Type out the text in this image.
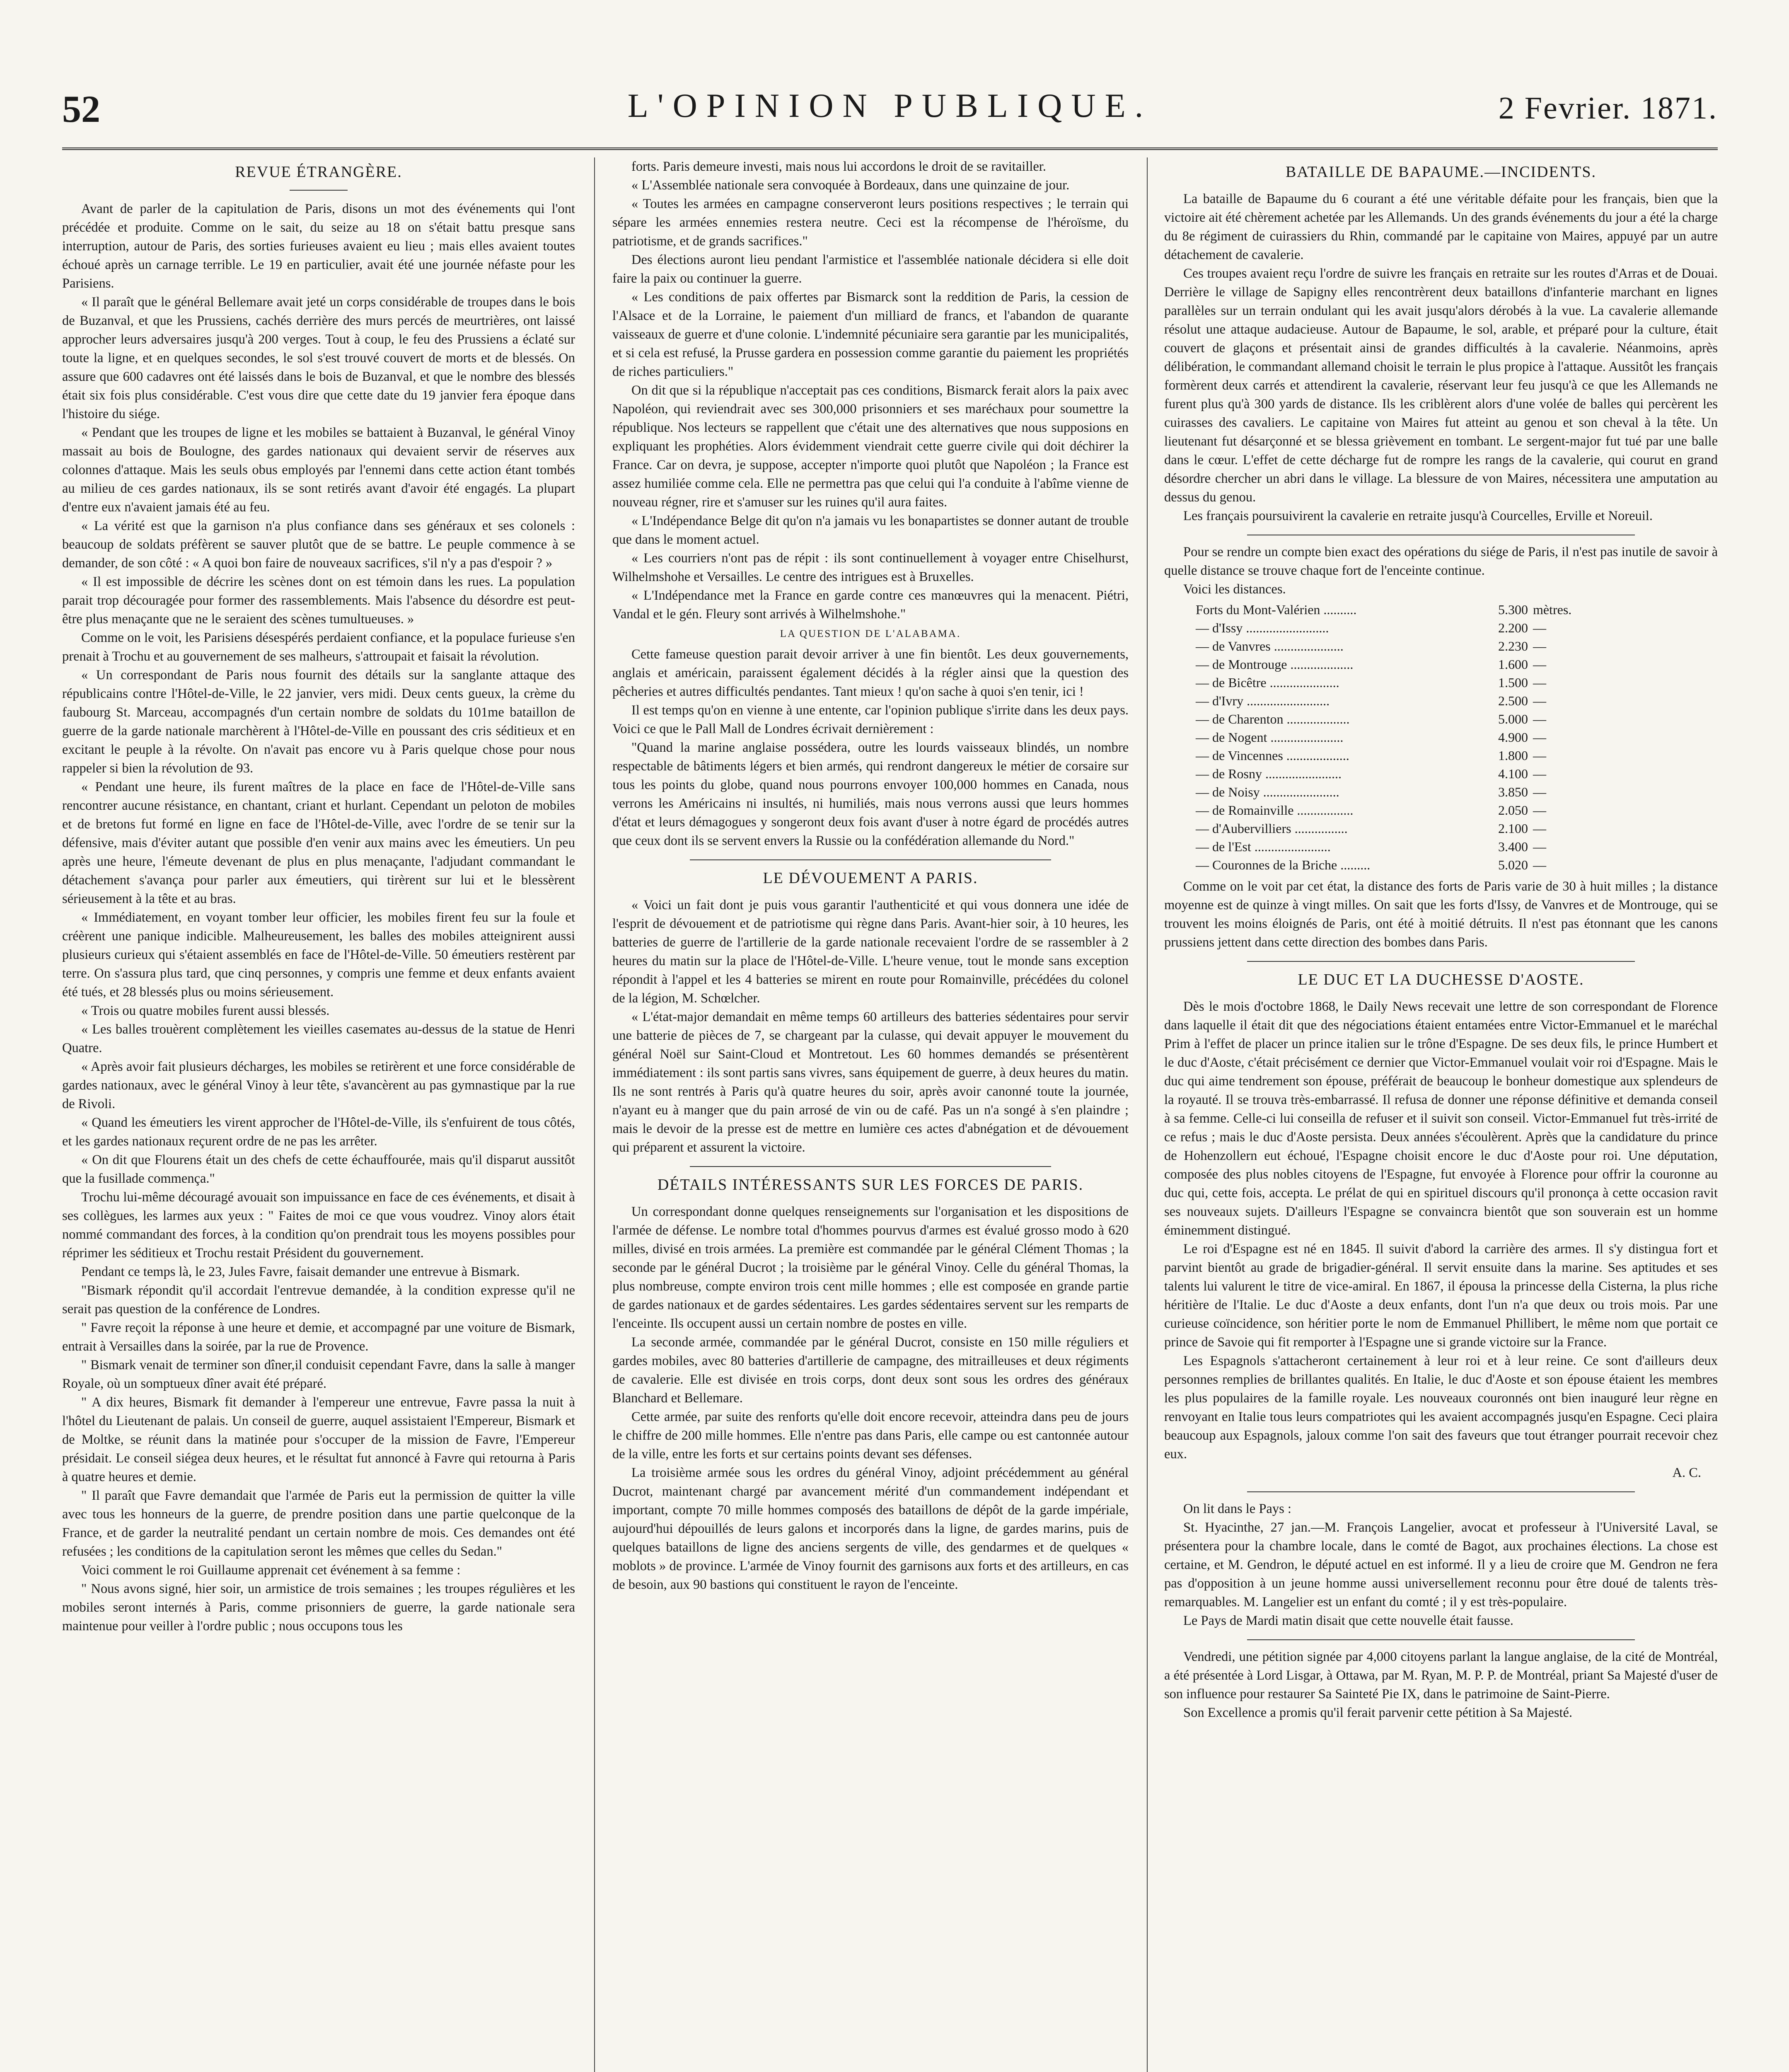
52	L'OPINION PUBLIQUE.	2 Fevrier. 1871.
REVUE ÉTRANGÈRE.

Avant de parler de la capitulation de Paris, disons un mot des événements qui l'ont précédée et produite. Comme on le sait, du seize au 18 on s'était battu presque sans interruption, autour de Paris, des sorties furieuses avaient eu lieu ; mais elles avaient toutes échoué après un carnage terrible. Le 19 en particulier, avait été une journée néfaste pour les Parisiens.

« Il paraît que le général Bellemare avait jeté un corps considérable de troupes dans le bois de Buzanval, et que les Prussiens, cachés derrière des murs percés de meurtrières, ont laissé approcher leurs adversaires jusqu'à 200 verges. Tout à coup, le feu des Prussiens a éclaté sur toute la ligne, et en quelques secondes, le sol s'est trouvé couvert de morts et de blessés. On assure que 600 cadavres ont été laissés dans le bois de Buzanval, et que le nombre des blessés était six fois plus considérable. C'est vous dire que cette date du 19 janvier fera époque dans l'histoire du siége.

« Pendant que les troupes de ligne et les mobiles se battaient à Buzanval, le général Vinoy massait au bois de Boulogne, des gardes nationaux qui devaient servir de réserves aux colonnes d'attaque. Mais les seuls obus employés par l'ennemi dans cette action étant tombés au milieu de ces gardes nationaux, ils se sont retirés avant d'avoir été engagés. La plupart d'entre eux n'avaient jamais été au feu.

« La vérité est que la garnison n'a plus confiance dans ses généraux et ses colonels : beaucoup de soldats préfèrent se sauver plutôt que de se battre. Le peuple commence à se demander, de son côté : « A quoi bon faire de nouveaux sacrifices, s'il n'y a pas d'espoir ? »

« Il est impossible de décrire les scènes dont on est témoin dans les rues. La population parait trop découragée pour former des rassemblements. Mais l'absence du désordre est peut-être plus menaçante que ne le seraient des scènes tumultueuses. »

Comme on le voit, les Parisiens désespérés perdaient confiance, et la populace furieuse s'en prenait à Trochu et au gouvernement de ses malheurs, s'attroupait et faisait la révolution.

« Un correspondant de Paris nous fournit des détails sur la sanglante attaque des républicains contre l'Hôtel-de-Ville, le 22 janvier, vers midi. Deux cents gueux, la crème du faubourg St. Marceau, accompagnés d'un certain nombre de soldats du 101me bataillon de guerre de la garde nationale marchèrent à l'Hôtel-de-Ville en poussant des cris séditieux et en excitant le peuple à la révolte. On n'avait pas encore vu à Paris quelque chose pour nous rappeler si bien la révolution de 93.

« Pendant une heure, ils furent maîtres de la place en face de l'Hôtel-de-Ville sans rencontrer aucune résistance, en chantant, criant et hurlant. Cependant un peloton de mobiles et de bretons fut formé en ligne en face de l'Hôtel-de-Ville, avec l'ordre de se tenir sur la défensive, mais d'éviter autant que possible d'en venir aux mains avec les émeutiers. Un peu après une heure, l'émeute devenant de plus en plus menaçante, l'adjudant commandant le détachement s'avança pour parler aux émeutiers, qui tirèrent sur lui et le blessèrent sérieusement à la tête et au bras.

« Immédiatement, en voyant tomber leur officier, les mobiles firent feu sur la foule et créèrent une panique indicible. Malheureusement, les balles des mobiles atteignirent aussi plusieurs curieux qui s'étaient assemblés en face de l'Hôtel-de-Ville. 50 émeutiers restèrent par terre. On s'assura plus tard, que cinq personnes, y compris une femme et deux enfants avaient été tués, et 28 blessés plus ou moins sérieusement.

« Trois ou quatre mobiles furent aussi blessés.

« Les balles trouèrent complètement les vieilles casemates au-dessus de la statue de Henri Quatre.

« Après avoir fait plusieurs décharges, les mobiles se retirèrent et une force considérable de gardes nationaux, avec le général Vinoy à leur tête, s'avancèrent au pas gymnastique par la rue de Rivoli.

« Quand les émeutiers les virent approcher de l'Hôtel-de-Ville, ils s'enfuirent de tous côtés, et les gardes nationaux reçurent ordre de ne pas les arrêter.

« On dit que Flourens était un des chefs de cette échauffourée, mais qu'il disparut aussitôt que la fusillade commença."

Trochu lui-même découragé avouait son impuissance en face de ces événements, et disait à ses collègues, les larmes aux yeux : " Faites de moi ce que vous voudrez. Vinoy alors était nommé commandant des forces, à la condition qu'on prendrait tous les moyens possibles pour réprimer les séditieux et Trochu restait Président du gouvernement.

Pendant ce temps là, le 23, Jules Favre, faisait demander une entrevue à Bismark.

"Bismark répondit qu'il accordait l'entrevue demandée, à la condition expresse qu'il ne serait pas question de la conférence de Londres.

" Favre reçoit la réponse à une heure et demie, et accompagné par une voiture de Bismark, entrait à Versailles dans la soirée, par la rue de Provence.

" Bismark venait de terminer son dîner,il conduisit cependant Favre, dans la salle à manger Royale, où un somptueux dîner avait été préparé.

" A dix heures, Bismark fit demander à l'empereur une entrevue, Favre passa la nuit à l'hôtel du Lieutenant de palais. Un conseil de guerre, auquel assistaient l'Empereur, Bismark et de Moltke, se réunit dans la matinée pour s'occuper de la mission de Favre, l'Empereur présidait. Le conseil siégea deux heures, et le résultat fut annoncé à Favre qui retourna à Paris à quatre heures et demie.

" Il paraît que Favre demandait que l'armée de Paris eut la permission de quitter la ville avec tous les honneurs de la guerre, de prendre position dans une partie quelconque de la France, et de garder la neutralité pendant un certain nombre de mois. Ces demandes ont été refusées ; les conditions de la capitulation seront les mêmes que celles du Sedan."

Voici comment le roi Guillaume apprenait cet événement à sa femme :

" Nous avons signé, hier soir, un armistice de trois semaines ; les troupes régulières et les mobiles seront internés à Paris, comme prisonniers de guerre, la garde nationale sera maintenue pour veiller à l'ordre public ; nous occupons tous les

forts. Paris demeure investi, mais nous lui accordons le droit de se ravitailler.

« L'Assemblée nationale sera convoquée à Bordeaux, dans une quinzaine de jour.

« Toutes les armées en campagne conserveront leurs positions respectives ; le terrain qui sépare les armées ennemies restera neutre. Ceci est la récompense de l'héroïsme, du patriotisme, et de grands sacrifices."

Des élections auront lieu pendant l'armistice et l'assemblée nationale décidera si elle doit faire la paix ou continuer la guerre.

« Les conditions de paix offertes par Bismarck sont la reddition de Paris, la cession de l'Alsace et de la Lorraine, le paiement d'un milliard de francs, et l'abandon de quarante vaisseaux de guerre et d'une colonie. L'indemnité pécuniaire sera garantie par les municipalités, et si cela est refusé, la Prusse gardera en possession comme garantie du paiement les propriétés de riches particuliers."

On dit que si la république n'acceptait pas ces conditions, Bismarck ferait alors la paix avec Napoléon, qui reviendrait avec ses 300,000 prisonniers et ses maréchaux pour soumettre la république. Nos lecteurs se rappellent que c'était une des alternatives que nous supposions en expliquant les prophéties. Alors évidemment viendrait cette guerre civile qui doit déchirer la France. Car on devra, je suppose, accepter n'importe quoi plutôt que Napoléon ; la France est assez humiliée comme cela. Elle ne permettra pas que celui qui l'a conduite à l'abîme vienne de nouveau régner, rire et s'amuser sur les ruines qu'il aura faites.

« L'Indépendance Belge dit qu'on n'a jamais vu les bonapartistes se donner autant de trouble que dans le moment actuel.

« Les courriers n'ont pas de répit : ils sont continuellement à voyager entre Chiselhurst, Wilhelmshohe et Versailles. Le centre des intrigues est à Bruxelles.

« L'Indépendance met la France en garde contre ces manœuvres qui la menacent. Piétri, Vandal et le gén. Fleury sont arrivés à Wilhelmshohe."

LA QUESTION DE L'ALABAMA.

Cette fameuse question parait devoir arriver à une fin bientôt. Les deux gouvernements, anglais et américain, paraissent également décidés à la régler ainsi que la question des pêcheries et autres difficultés pendantes. Tant mieux ! qu'on sache à quoi s'en tenir, ici !

Il est temps qu'on en vienne à une entente, car l'opinion publique s'irrite dans les deux pays. Voici ce que le Pall Mall de Londres écrivait dernièrement :

"Quand la marine anglaise possédera, outre les lourds vaisseaux blindés, un nombre respectable de bâtiments légers et bien armés, qui rendront dangereux le métier de corsaire sur tous les points du globe, quand nous pourrons envoyer 100,000 hommes en Canada, nous verrons les Américains ni insultés, ni humiliés, mais nous verrons aussi que leurs hommes d'état et leurs démagogues y songeront deux fois avant d'user à notre égard de procédés autres que ceux dont ils se servent envers la Russie ou la confédération allemande du Nord."

LE DÉVOUEMENT A PARIS.

« Voici un fait dont je puis vous garantir l'authenticité et qui vous donnera une idée de l'esprit de dévouement et de patriotisme qui règne dans Paris. Avant-hier soir, à 10 heures, les batteries de guerre de l'artillerie de la garde nationale recevaient l'ordre de se rassembler à 2 heures du matin sur la place de l'Hôtel-de-Ville. L'heure venue, tout le monde sans exception répondit à l'appel et les 4 batteries se mirent en route pour Romainville, précédées du colonel de la légion, M. Schœlcher.

« L'état-major demandait en même temps 60 artilleurs des batteries sédentaires pour servir une batterie de pièces de 7, se chargeant par la culasse, qui devait appuyer le mouvement du général Noël sur Saint-Cloud et Montretout. Les 60 hommes demandés se présentèrent immédiatement : ils sont partis sans vivres, sans équipement de guerre, à deux heures du matin. Ils ne sont rentrés à Paris qu'à quatre heures du soir, après avoir canonné toute la journée, n'ayant eu à manger que du pain arrosé de vin ou de café. Pas un n'a songé à s'en plaindre ; mais le devoir de la presse est de mettre en lumière ces actes d'abnégation et de dévouement qui préparent et assurent la victoire.

DÉTAILS INTÉRESSANTS SUR LES FORCES DE PARIS.

Un correspondant donne quelques renseignements sur l'organisation et les dispositions de l'armée de défense. Le nombre total d'hommes pourvus d'armes est évalué grosso modo à 620 milles, divisé en trois armées. La première est commandée par le général Clément Thomas ; la seconde par le général Ducrot ; la troisième par le général Vinoy. Celle du général Thomas, la plus nombreuse, compte environ trois cent mille hommes ; elle est composée en grande partie de gardes nationaux et de gardes sédentaires. Les gardes sédentaires servent sur les remparts de l'enceinte. Ils occupent aussi un certain nombre de postes en ville.

La seconde armée, commandée par le général Ducrot, consiste en 150 mille réguliers et gardes mobiles, avec 80 batteries d'artillerie de campagne, des mitrailleuses et deux régiments de cavalerie. Elle est divisée en trois corps, dont deux sont sous les ordres des généraux Blanchard et Bellemare.

Cette armée, par suite des renforts qu'elle doit encore recevoir, atteindra dans peu de jours le chiffre de 200 mille hommes. Elle n'entre pas dans Paris, elle campe ou est cantonnée autour de la ville, entre les forts et sur certains points devant ses défenses.

La troisième armée sous les ordres du général Vinoy, adjoint précédemment au général Ducrot, maintenant chargé par avancement mérité d'un commandement indépendant et important, compte 70 mille hommes composés des bataillons de dépôt de la garde impériale, aujourd'hui dépouillés de leurs galons et incorporés dans la ligne, de gardes marins, puis de quelques bataillons de ligne des anciens sergents de ville, des gendarmes et de quelques « moblots » de province. L'armée de Vinoy fournit des garnisons aux forts et des artilleurs, en cas de besoin, aux 90 bastions qui constituent le rayon de l'enceinte.

BATAILLE DE BAPAUME.—INCIDENTS.

La bataille de Bapaume du 6 courant a été une véritable défaite pour les français, bien que la victoire ait été chèrement achetée par les Allemands. Un des grands événements du jour a été la charge du 8e régiment de cuirassiers du Rhin, commandé par le capitaine von Maires, appuyé par un autre détachement de cavalerie.

Ces troupes avaient reçu l'ordre de suivre les français en retraite sur les routes d'Arras et de Douai. Derrière le village de Sapigny elles rencontrèrent deux bataillons d'infanterie marchant en lignes parallèles sur un terrain ondulant qui les avait jusqu'alors dérobés à la vue. La cavalerie allemande résolut une attaque audacieuse. Autour de Bapaume, le sol, arable, et préparé pour la culture, était couvert de glaçons et présentait ainsi de grandes difficultés à la cavalerie. Néanmoins, après délibération, le commandant allemand choisit le terrain le plus propice à l'attaque. Aussitôt les français formèrent deux carrés et attendirent la cavalerie, réservant leur feu jusqu'à ce que les Allemands ne furent plus qu'à 300 yards de distance. Ils les criblèrent alors d'une volée de balles qui percèrent les cuirasses des cavaliers. Le capitaine von Maires fut atteint au genou et son cheval à la tête. Un lieutenant fut désarçonné et se blessa grièvement en tombant. Le sergent-major fut tué par une balle dans le cœur. L'effet de cette décharge fut de rompre les rangs de la cavalerie, qui courut en grand désordre chercher un abri dans le village. La blessure de von Maires, nécessitera une amputation au dessus du genou.

Les français poursuivirent la cavalerie en retraite jusqu'à Courcelles, Erville et Noreuil.

Pour se rendre un compte bien exact des opérations du siége de Paris, il n'est pas inutile de savoir à quelle distance se trouve chaque fort de l'enceinte continue.

Voici les distances.

Forts du Mont-Valérien ..........	5.300	mètres.
— d'Issy .........................	2.200	—
— de Vanvres .....................	2.230	—
— de Montrouge ...................	1.600	—
— de Bicêtre .....................	1.500	—
— d'Ivry .........................	2.500	—
— de Charenton ...................	5.000	—
— de Nogent ......................	4.900	—
— de Vincennes ...................	1.800	—
— de Rosny .......................	4.100	—
— de Noisy .......................	3.850	—
— de Romainville .................	2.050	—
— d'Aubervilliers ................	2.100	—
— de l'Est .......................	3.400	—
— Couronnes de la Briche .........	5.020	—

Comme on le voit par cet état, la distance des forts de Paris varie de 30 à huit milles ; la distance moyenne est de quinze à vingt milles. On sait que les forts d'Issy, de Vanvres et de Montrouge, qui se trouvent les moins éloignés de Paris, ont été à moitié détruits. Il n'est pas étonnant que les canons prussiens jettent dans cette direction des bombes dans Paris.

LE DUC ET LA DUCHESSE D'AOSTE.

Dès le mois d'octobre 1868, le Daily News recevait une lettre de son correspondant de Florence dans laquelle il était dit que des négociations étaient entamées entre Victor-Emmanuel et le maréchal Prim à l'effet de placer un prince italien sur le trône d'Espagne. De ses deux fils, le prince Humbert et le duc d'Aoste, c'était précisément ce dernier que Victor-Emmanuel voulait voir roi d'Espagne. Mais le duc qui aime tendrement son épouse, préférait de beaucoup le bonheur domestique aux splendeurs de la royauté. Il se trouva très-embarrassé. Il refusa de donner une réponse définitive et demanda conseil à sa femme. Celle-ci lui conseilla de refuser et il suivit son conseil. Victor-Emmanuel fut très-irrité de ce refus ; mais le duc d'Aoste persista. Deux années s'écoulèrent. Après que la candidature du prince de Hohenzollern eut échoué, l'Espagne choisit encore le duc d'Aoste pour roi. Une députation, composée des plus nobles citoyens de l'Espagne, fut envoyée à Florence pour offrir la couronne au duc qui, cette fois, accepta. Le prélat de qui en spirituel discours qu'il prononça à cette occasion ravit ses nouveaux sujets. D'ailleurs l'Espagne se convaincra bientôt que son souverain est un homme éminemment distingué.

Le roi d'Espagne est né en 1845. Il suivit d'abord la carrière des armes. Il s'y distingua fort et parvint bientôt au grade de brigadier-général. Il servit ensuite dans la marine. Ses aptitudes et ses talents lui valurent le titre de vice-amiral. En 1867, il épousa la princesse della Cisterna, la plus riche héritière de l'Italie. Le duc d'Aoste a deux enfants, dont l'un n'a que deux ou trois mois. Par une curieuse coïncidence, son héritier porte le nom de Emmanuel Phillibert, le même nom que portait ce prince de Savoie qui fit remporter à l'Espagne une si grande victoire sur la France.

Les Espagnols s'attacheront certainement à leur roi et à leur reine. Ce sont d'ailleurs deux personnes remplies de brillantes qualités. En Italie, le duc d'Aoste et son épouse étaient les membres les plus populaires de la famille royale. Les nouveaux couronnés ont bien inauguré leur règne en renvoyant en Italie tous leurs compatriotes qui les avaient accompagnés jusqu'en Espagne. Ceci plaira beaucoup aux Espagnols, jaloux comme l'on sait des faveurs que tout étranger pourrait recevoir chez eux.

A. C.

On lit dans le Pays :

St. Hyacinthe, 27 jan.—M. François Langelier, avocat et professeur à l'Université Laval, se présentera pour la chambre locale, dans le comté de Bagot, aux prochaines élections. La chose est certaine, et M. Gendron, le député actuel en est informé. Il y a lieu de croire que M. Gendron ne fera pas d'opposition à un jeune homme aussi universellement reconnu pour être doué de talents très-remarquables. M. Langelier est un enfant du comté ; il y est très-populaire.

Le Pays de Mardi matin disait que cette nouvelle était fausse.

Vendredi, une pétition signée par 4,000 citoyens parlant la langue anglaise, de la cité de Montréal, a été présentée à Lord Lisgar, à Ottawa, par M. Ryan, M. P. P. de Montréal, priant Sa Majesté d'user de son influence pour restaurer Sa Sainteté Pie IX, dans le patrimoine de Saint-Pierre.

Son Excellence a promis qu'il ferait parvenir cette pétition à Sa Majesté.
